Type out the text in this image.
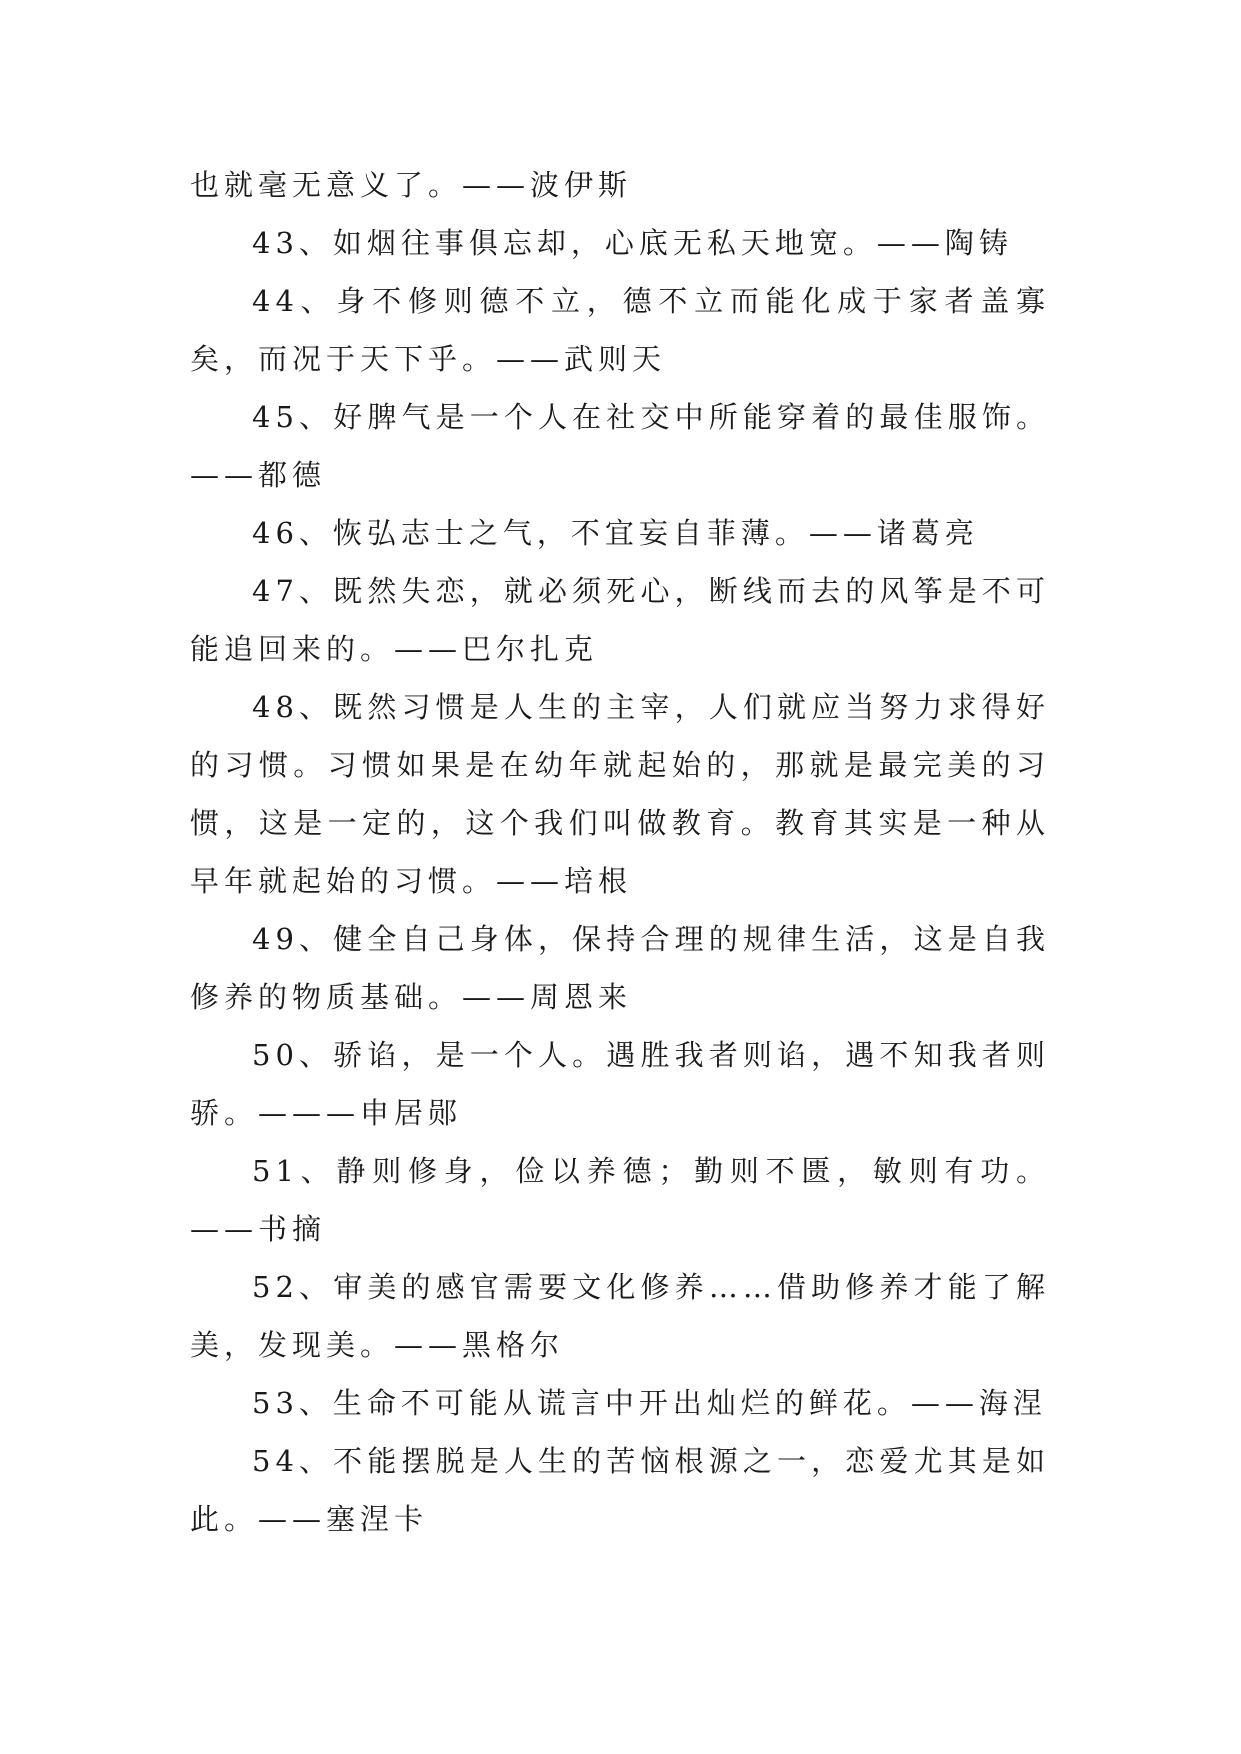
也就毫无意义了。——波伊斯

43、如烟往事俱忘却，心底无私天地宽。——陶铸

44、身不修则德不立，德不立而能化成于家者盖寡矣，而况于天下乎。——武则天

45、好脾气是一个人在社交中所能穿着的最佳服饰。——都德

46、恢弘志士之气，不宜妄自菲薄。——诸葛亮

47、既然失恋，就必须死心，断线而去的风筝是不可能追回来的。——巴尔扎克

48、既然习惯是人生的主宰，人们就应当努力求得好的习惯。习惯如果是在幼年就起始的，那就是最完美的习惯，这是一定的，这个我们叫做教育。教育其实是一种从早年就起始的习惯。——培根

49、健全自己身体，保持合理的规律生活，这是自我修养的物质基础。——周恩来

50、骄谄，是一个人。遇胜我者则谄，遇不知我者则骄。———申居郧

51、静则修身，俭以养德；勤则不匮，敏则有功。——书摘

52、审美的感官需要文化修养……借助修养才能了解美，发现美。——黑格尔

53、生命不可能从谎言中开出灿烂的鲜花。——海涅

54、不能摆脱是人生的苦恼根源之一，恋爱尤其是如此。——塞涅卡
